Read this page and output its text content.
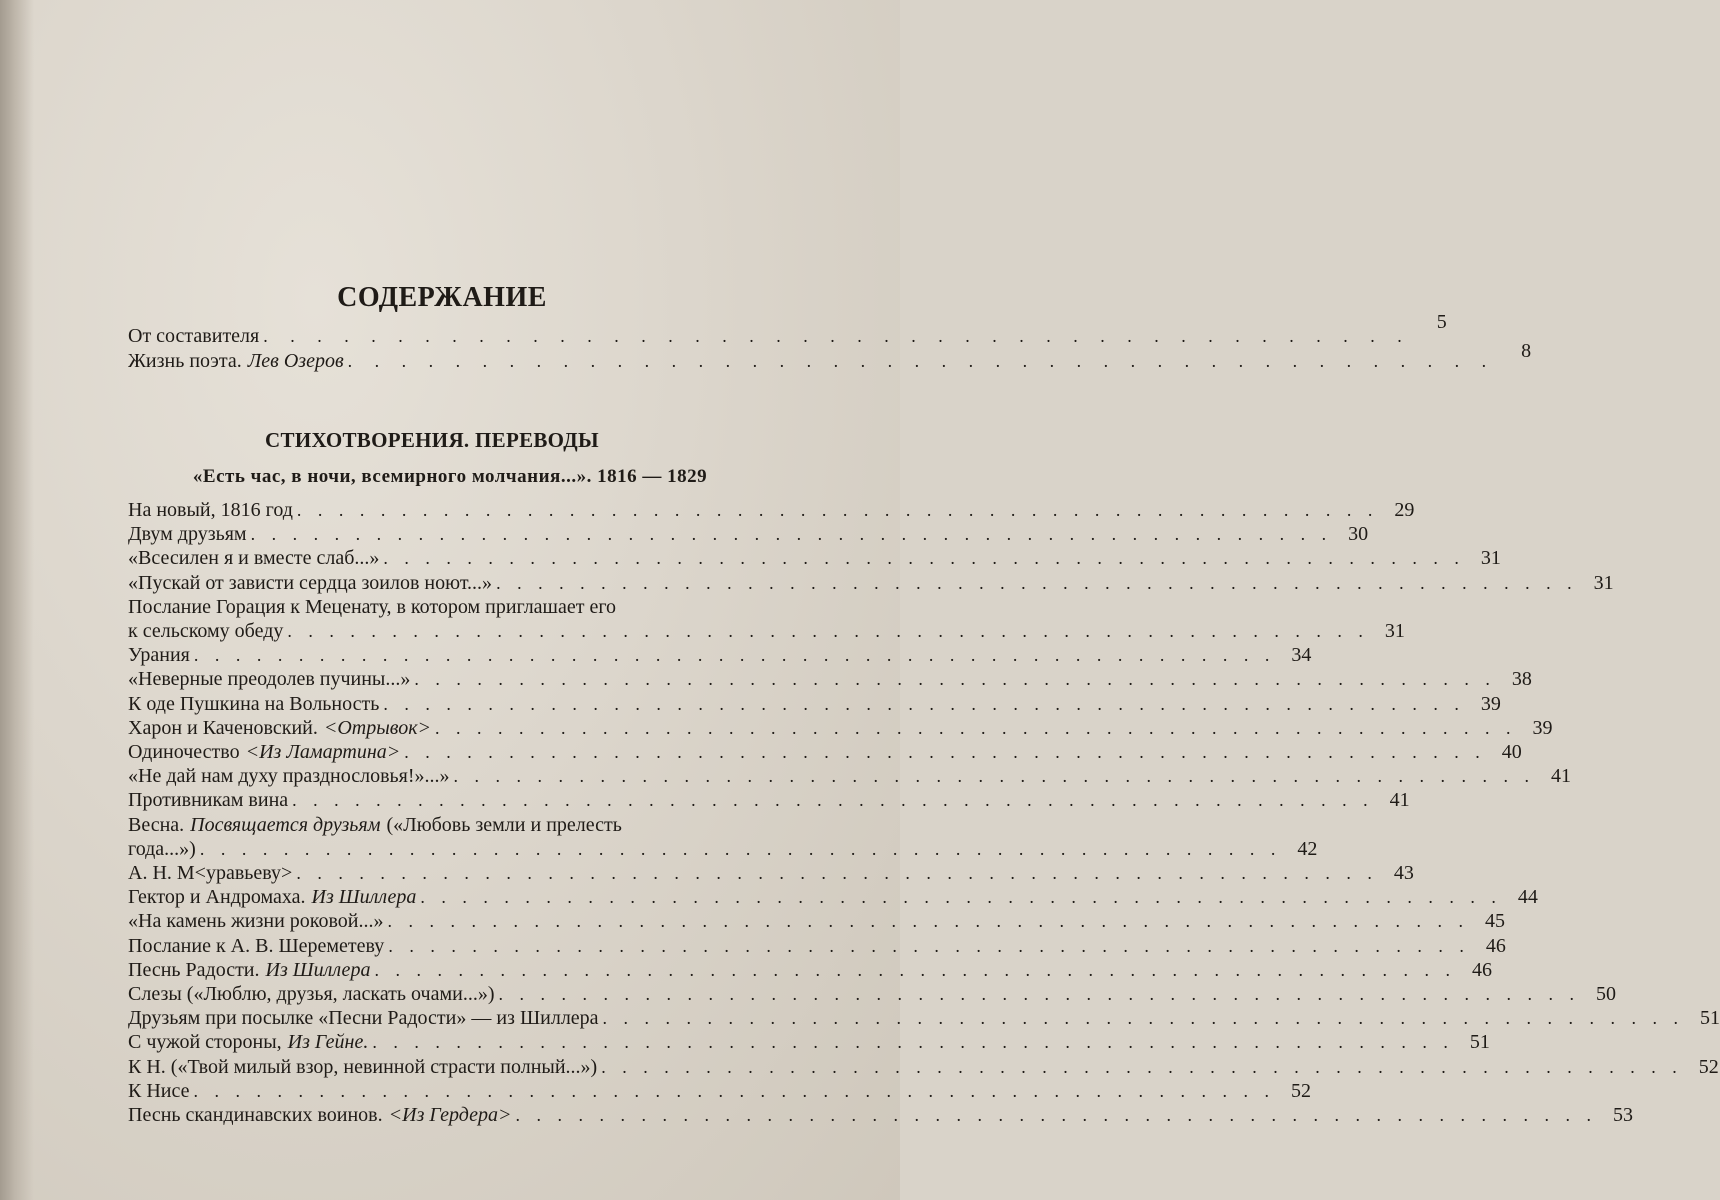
СОДЕРЖАНИЕ
От составителя . . . . . . . . . . . . . . . . . . . . . . . . . . . . . . . . . . . . . . . . . . .
5
Жизнь поэта. Лев Озеров . . . . . . . . . . . . . . . . . . . . . . . . . . . . . . . . . . . . . . . . . . .	8
СТИХОТВОРЕНИЯ. ПЕРЕВОДЫ
«Есть час, в ночи, всемирного молчания...». 1816 — 1829
На новый, 1816 год . . . . . . . . . . . . . . . . . . . . . . . . . . . . . . . . . . . . . . . . . . . . . . . . . . . . 29
Двум друзьям . . . . . . . . . . . . . . . . . . . . . . . . . . . . . . . . . . . . . . . . . . . . . . . . . . . . 30
«Всесилен я и вместе слаб...» . . . . . . . . . . . . . . . . . . . . . . . . . . . . . . . . . . . . . . . . . . . . . . . . . . . . 31
«Пускай от зависти сердца зоилов ноют...» . . . . . . . . . . . . . . . . . . . . . . . . . . . . . . . . . . . . . . . . . . . . . . . . . . . . 31
Послание Горация к Меценату, в котором приглашает его
к сельскому обеду . . . . . . . . . . . . . . . . . . . . . . . . . . . . . . . . . . . . . . . . . . . . . . . . . . . . 31
Урания . . . . . . . . . . . . . . . . . . . . . . . . . . . . . . . . . . . . . . . . . . . . . . . . . . . . 34
«Неверные преодолев пучины...» . . . . . . . . . . . . . . . . . . . . . . . . . . . . . . . . . . . . . . . . . . . . . . . . . . . . 38
К оде Пушкина на Вольность . . . . . . . . . . . . . . . . . . . . . . . . . . . . . . . . . . . . . . . . . . . . . . . . . . . . 39
Харон и Каченовский. <Отрывок> . . . . . . . . . . . . . . . . . . . . . . . . . . . . . . . . . . . . . . . . . . . . . . . . . . . . 39
Одиночество <Из Ламартина> . . . . . . . . . . . . . . . . . . . . . . . . . . . . . . . . . . . . . . . . . . . . . . . . . . . . 40
«Не дай нам духу празднословья!»...» . . . . . . . . . . . . . . . . . . . . . . . . . . . . . . . . . . . . . . . . . . . . . . . . . . . . 41
Противникам вина . . . . . . . . . . . . . . . . . . . . . . . . . . . . . . . . . . . . . . . . . . . . . . . . . . . . 41
Весна. Посвящается друзьям («Любовь земли и прелесть
года...») . . . . . . . . . . . . . . . . . . . . . . . . . . . . . . . . . . . . . . . . . . . . . . . . . . . . 42
А. Н. М<уравьеву> . . . . . . . . . . . . . . . . . . . . . . . . . . . . . . . . . . . . . . . . . . . . . . . . . . . . 43
Гектор и Андромаха. Из Шиллера . . . . . . . . . . . . . . . . . . . . . . . . . . . . . . . . . . . . . . . . . . . . . . . . . . . . 44
«На камень жизни роковой...» . . . . . . . . . . . . . . . . . . . . . . . . . . . . . . . . . . . . . . . . . . . . . . . . . . . . 45
Послание к А. В. Шереметеву . . . . . . . . . . . . . . . . . . . . . . . . . . . . . . . . . . . . . . . . . . . . . . . . . . . . 46
Песнь Радости. Из Шиллера . . . . . . . . . . . . . . . . . . . . . . . . . . . . . . . . . . . . . . . . . . . . . . . . . . . . 46
Слезы («Люблю, друзья, ласкать очами...») . . . . . . . . . . . . . . . . . . . . . . . . . . . . . . . . . . . . . . . . . . . . . . . . . . . . 50
Друзьям при посылке «Песни Радости» — из Шиллера . . . . . . . . . . . . . . . . . . . . . . . . . . . . . . . . . . . . . . . . . . . . . . . . . . . . 51
С чужой стороны, Из Гейне. . . . . . . . . . . . . . . . . . . . . . . . . . . . . . . . . . . . . . . . . . . . . . . . . . . . . 51
К Н. («Твой милый взор, невинной страсти полный...») . . . . . . . . . . . . . . . . . . . . . . . . . . . . . . . . . . . . . . . . . . . . . . . . . . . . 52
К Нисе . . . . . . . . . . . . . . . . . . . . . . . . . . . . . . . . . . . . . . . . . . . . . . . . . . . . 52
Песнь скандинавских воинов. <Из Гердера> . . . . . . . . . . . . . . . . . . . . . . . . . . . . . . . . . . . . . . . . . . . . . . . . . . . . 53
